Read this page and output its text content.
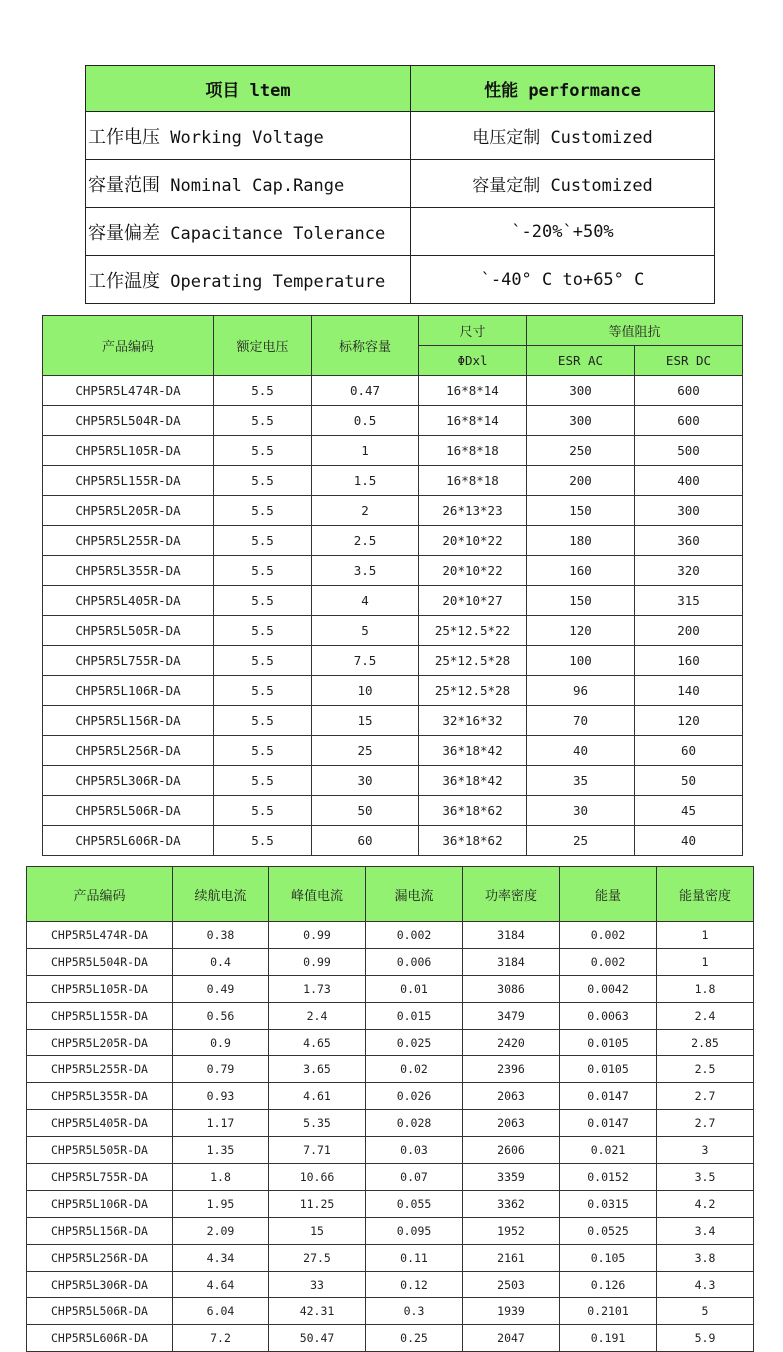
项目 ltem	性能 performance
工作电压 Working Voltage	电压定制 Customized
容量范围 Nominal Cap.Range	容量定制 Customized
容量偏差 Capacitance Tolerance	`-20%`+50%
工作温度 Operating Temperature	`-40° C to+65° C
产品编码	额定电压	标称容量	尺寸	等值阻抗	
			ΦDxl	ESR AC	ESR DC
CHP5R5L474R-DA	5.5	0.47	16*8*14	300	600
CHP5R5L504R-DA	5.5	0.5	16*8*14	300	600
CHP5R5L105R-DA	5.5	1	16*8*18	250	500
CHP5R5L155R-DA	5.5	1.5	16*8*18	200	400
CHP5R5L205R-DA	5.5	2	26*13*23	150	300
CHP5R5L255R-DA	5.5	2.5	20*10*22	180	360
CHP5R5L355R-DA	5.5	3.5	20*10*22	160	320
CHP5R5L405R-DA	5.5	4	20*10*27	150	315
CHP5R5L505R-DA	5.5	5	25*12.5*22	120	200
CHP5R5L755R-DA	5.5	7.5	25*12.5*28	100	160
CHP5R5L106R-DA	5.5	10	25*12.5*28	96	140
CHP5R5L156R-DA	5.5	15	32*16*32	70	120
CHP5R5L256R-DA	5.5	25	36*18*42	40	60
CHP5R5L306R-DA	5.5	30	36*18*42	35	50
CHP5R5L506R-DA	5.5	50	36*18*62	30	45
CHP5R5L606R-DA	5.5	60	36*18*62	25	40
产品编码	续航电流	峰值电流	漏电流	功率密度	能量	能量密度
CHP5R5L474R-DA	0.38	0.99	0.002	3184	0.002	1
CHP5R5L504R-DA	0.4	0.99	0.006	3184	0.002	1
CHP5R5L105R-DA	0.49	1.73	0.01	3086	0.0042	1.8
CHP5R5L155R-DA	0.56	2.4	0.015	3479	0.0063	2.4
CHP5R5L205R-DA	0.9	4.65	0.025	2420	0.0105	2.85
CHP5R5L255R-DA	0.79	3.65	0.02	2396	0.0105	2.5
CHP5R5L355R-DA	0.93	4.61	0.026	2063	0.0147	2.7
CHP5R5L405R-DA	1.17	5.35	0.028	2063	0.0147	2.7
CHP5R5L505R-DA	1.35	7.71	0.03	2606	0.021	3
CHP5R5L755R-DA	1.8	10.66	0.07	3359	0.0152	3.5
CHP5R5L106R-DA	1.95	11.25	0.055	3362	0.0315	4.2
CHP5R5L156R-DA	2.09	15	0.095	1952	0.0525	3.4
CHP5R5L256R-DA	4.34	27.5	0.11	2161	0.105	3.8
CHP5R5L306R-DA	4.64	33	0.12	2503	0.126	4.3
CHP5R5L506R-DA	6.04	42.31	0.3	1939	0.2101	5
CHP5R5L606R-DA	7.2	50.47	0.25	2047	0.191	5.9
